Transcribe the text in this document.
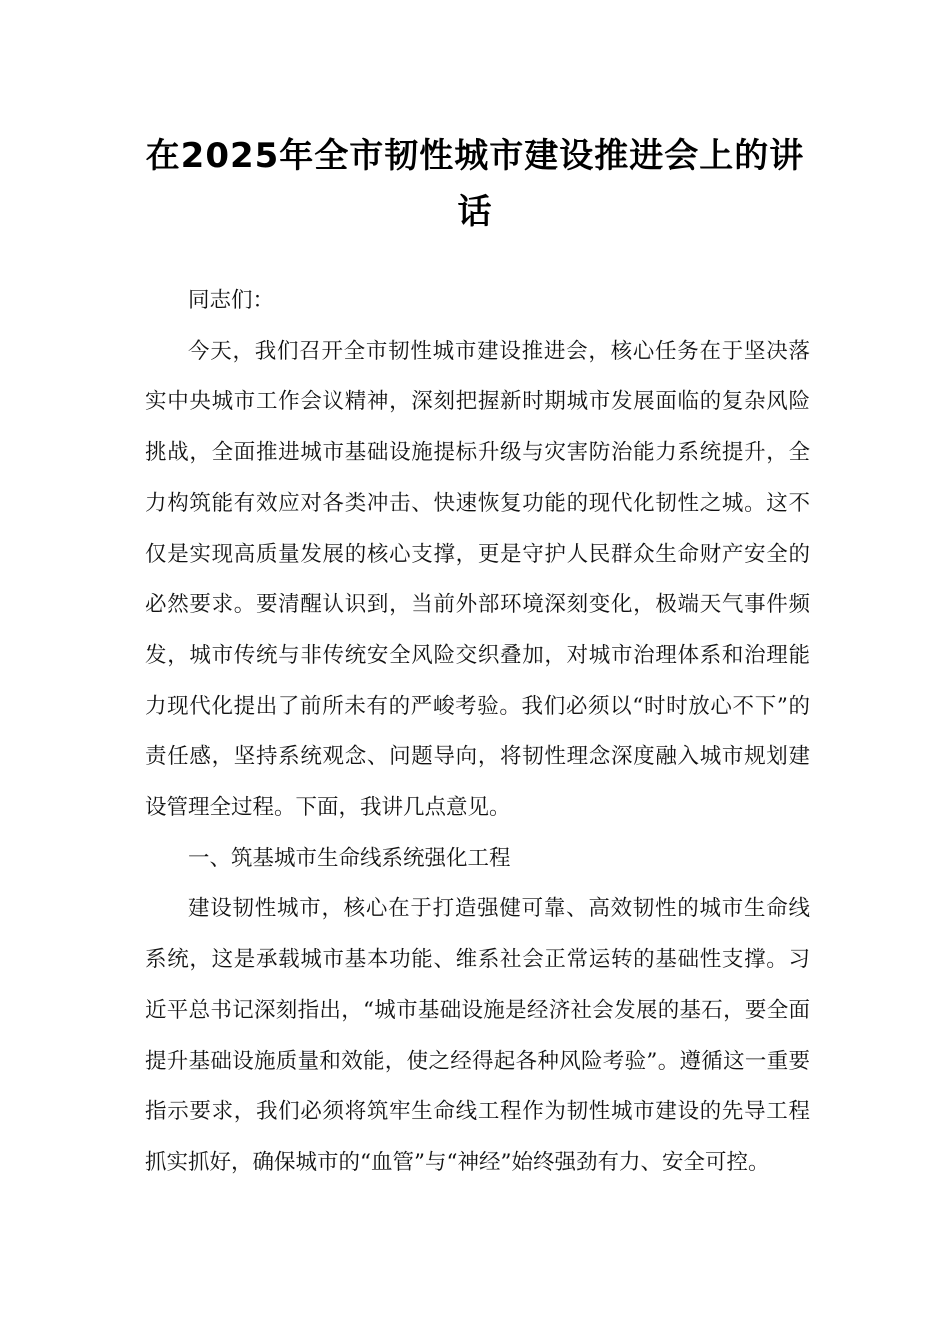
在2025年全市韧性城市建设推进会上的讲话

同志们：

今天，我们召开全市韧性城市建设推进会，核心任务在于坚决落实中央城市工作会议精神，深刻把握新时期城市发展面临的复杂风险挑战，全面推进城市基础设施提标升级与灾害防治能力系统提升，全力构筑能有效应对各类冲击、快速恢复功能的现代化韧性之城。这不仅是实现高质量发展的核心支撑，更是守护人民群众生命财产安全的必然要求。要清醒认识到，当前外部环境深刻变化，极端天气事件频发，城市传统与非传统安全风险交织叠加，对城市治理体系和治理能力现代化提出了前所未有的严峻考验。我们必须以“时时放心不下”的责任感，坚持系统观念、问题导向，将韧性理念深度融入城市规划建设管理全过程。下面，我讲几点意见。

一、筑基城市生命线系统强化工程

建设韧性城市，核心在于打造强健可靠、高效韧性的城市生命线系统，这是承载城市基本功能、维系社会正常运转的基础性支撑。习近平总书记深刻指出，“城市基础设施是经济社会发展的基石，要全面提升基础设施质量和效能，使之经得起各种风险考验”。遵循这一重要指示要求，我们必须将筑牢生命线工程作为韧性城市建设的先导工程抓实抓好，确保城市的“血管”与“神经”始终强劲有力、安全可控。
